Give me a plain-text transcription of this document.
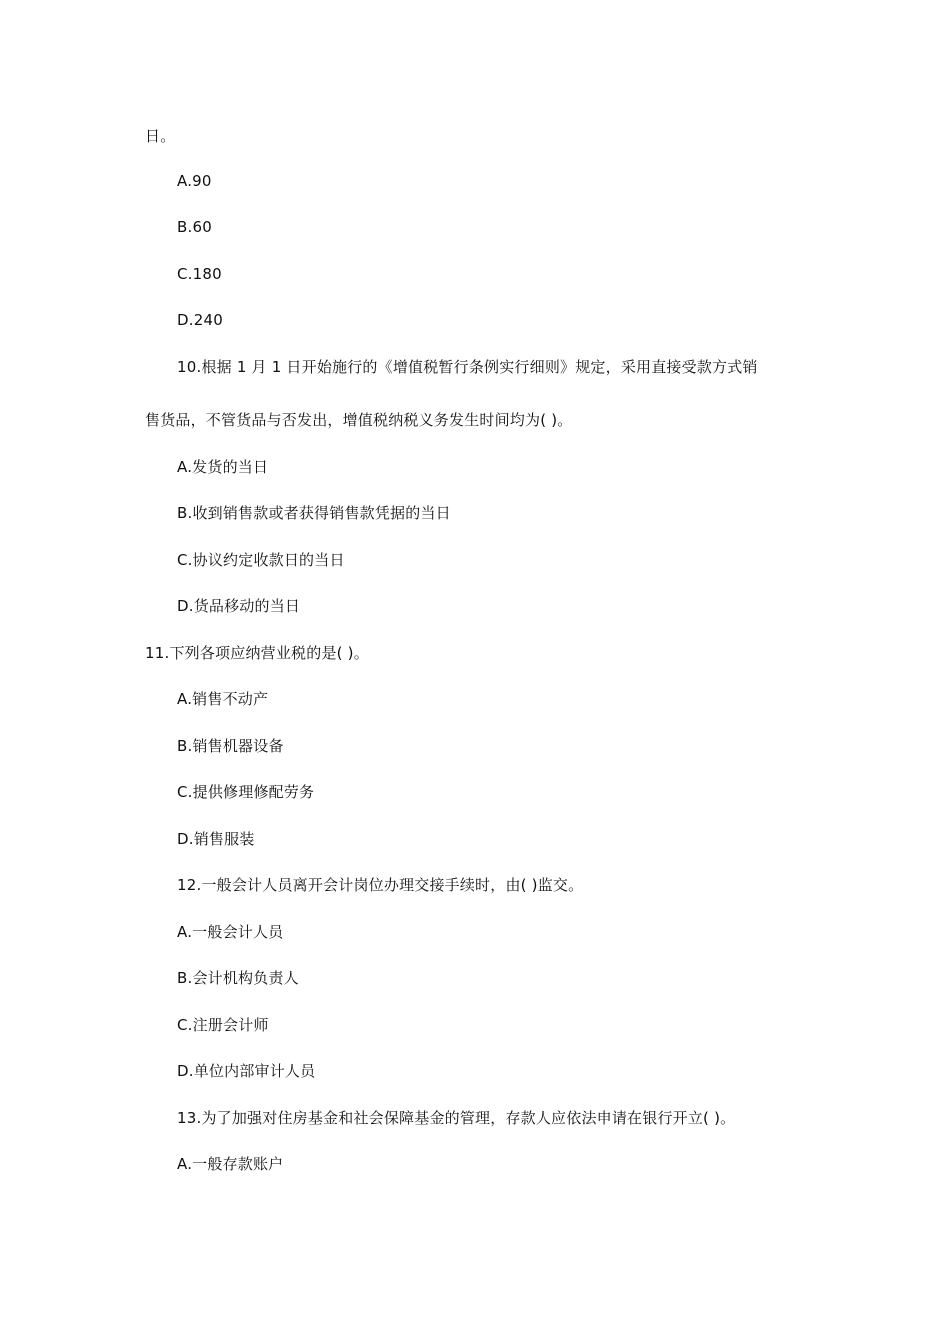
日。
A.90
B.60
C.180
D.240
10.根据 1 月 1 日开始施行的《增值税暂行条例实行细则》规定，采用直接受款方式销
售货品，不管货品与否发出，增值税纳税义务发生时间均为( )。
A.发货的当日
B.收到销售款或者获得销售款凭据的当日
C.协议约定收款日的当日
D.货品移动的当日
11.下列各项应纳营业税的是( )。
A.销售不动产
B.销售机器设备
C.提供修理修配劳务
D.销售服装
12.一般会计人员离开会计岗位办理交接手续时，由( )监交。
A.一般会计人员
B.会计机构负责人
C.注册会计师
D.单位内部审计人员
13.为了加强对住房基金和社会保障基金的管理，存款人应依法申请在银行开立( )。
A.一般存款账户
